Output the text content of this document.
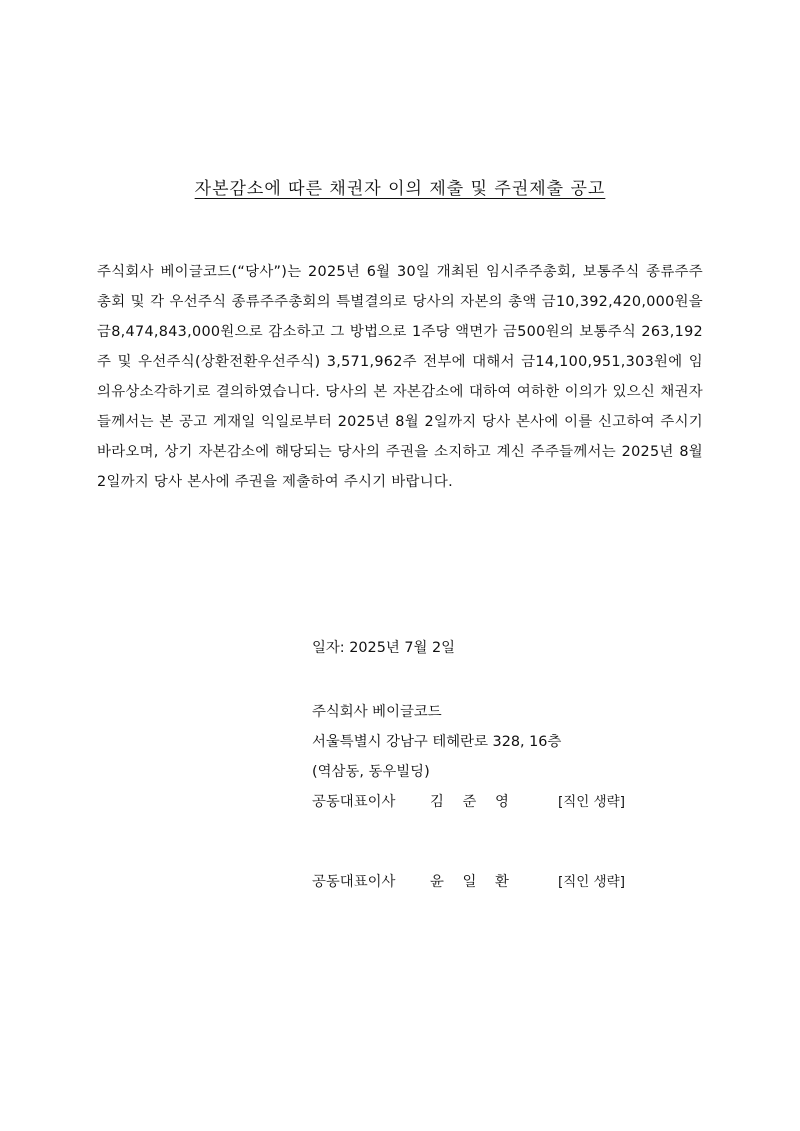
자본감소에 따른 채권자 이의 제출 및 주권제출 공고

주식회사 베이글코드(“당사”)는 2025년 6월 30일 개최된 임시주주총회, 보통주식 종류주주총회 및 각 우선주식 종류주주총회의 특별결의로 당사의 자본의 총액 금10,392,420,000원을 금8,474,843,000원으로 감소하고 그 방법으로 1주당 액면가 금500원의 보통주식 263,192주 및 우선주식(상환전환우선주식) 3,571,962주 전부에 대해서 금14,100,951,303원에 임의유상소각하기로 결의하였습니다. 당사의 본 자본감소에 대하여 여하한 이의가 있으신 채권자들께서는 본 공고 게재일 익일로부터 2025년 8월 2일까지 당사 본사에 이를 신고하여 주시기 바라오며, 상기 자본감소에 해당되는 당사의 주권을 소지하고 계신 주주들께서는 2025년 8월 2일까지 당사 본사에 주권을 제출하여 주시기 바랍니다.

일자: 2025년 7월 2일
주식회사 베이글코드
서울특별시 강남구 테헤란로 328, 16층
(역삼동, 동우빌딩)
공동대표이사 김 준 영	[직인 생략]
공동대표이사 윤 일 환	[직인 생략]
